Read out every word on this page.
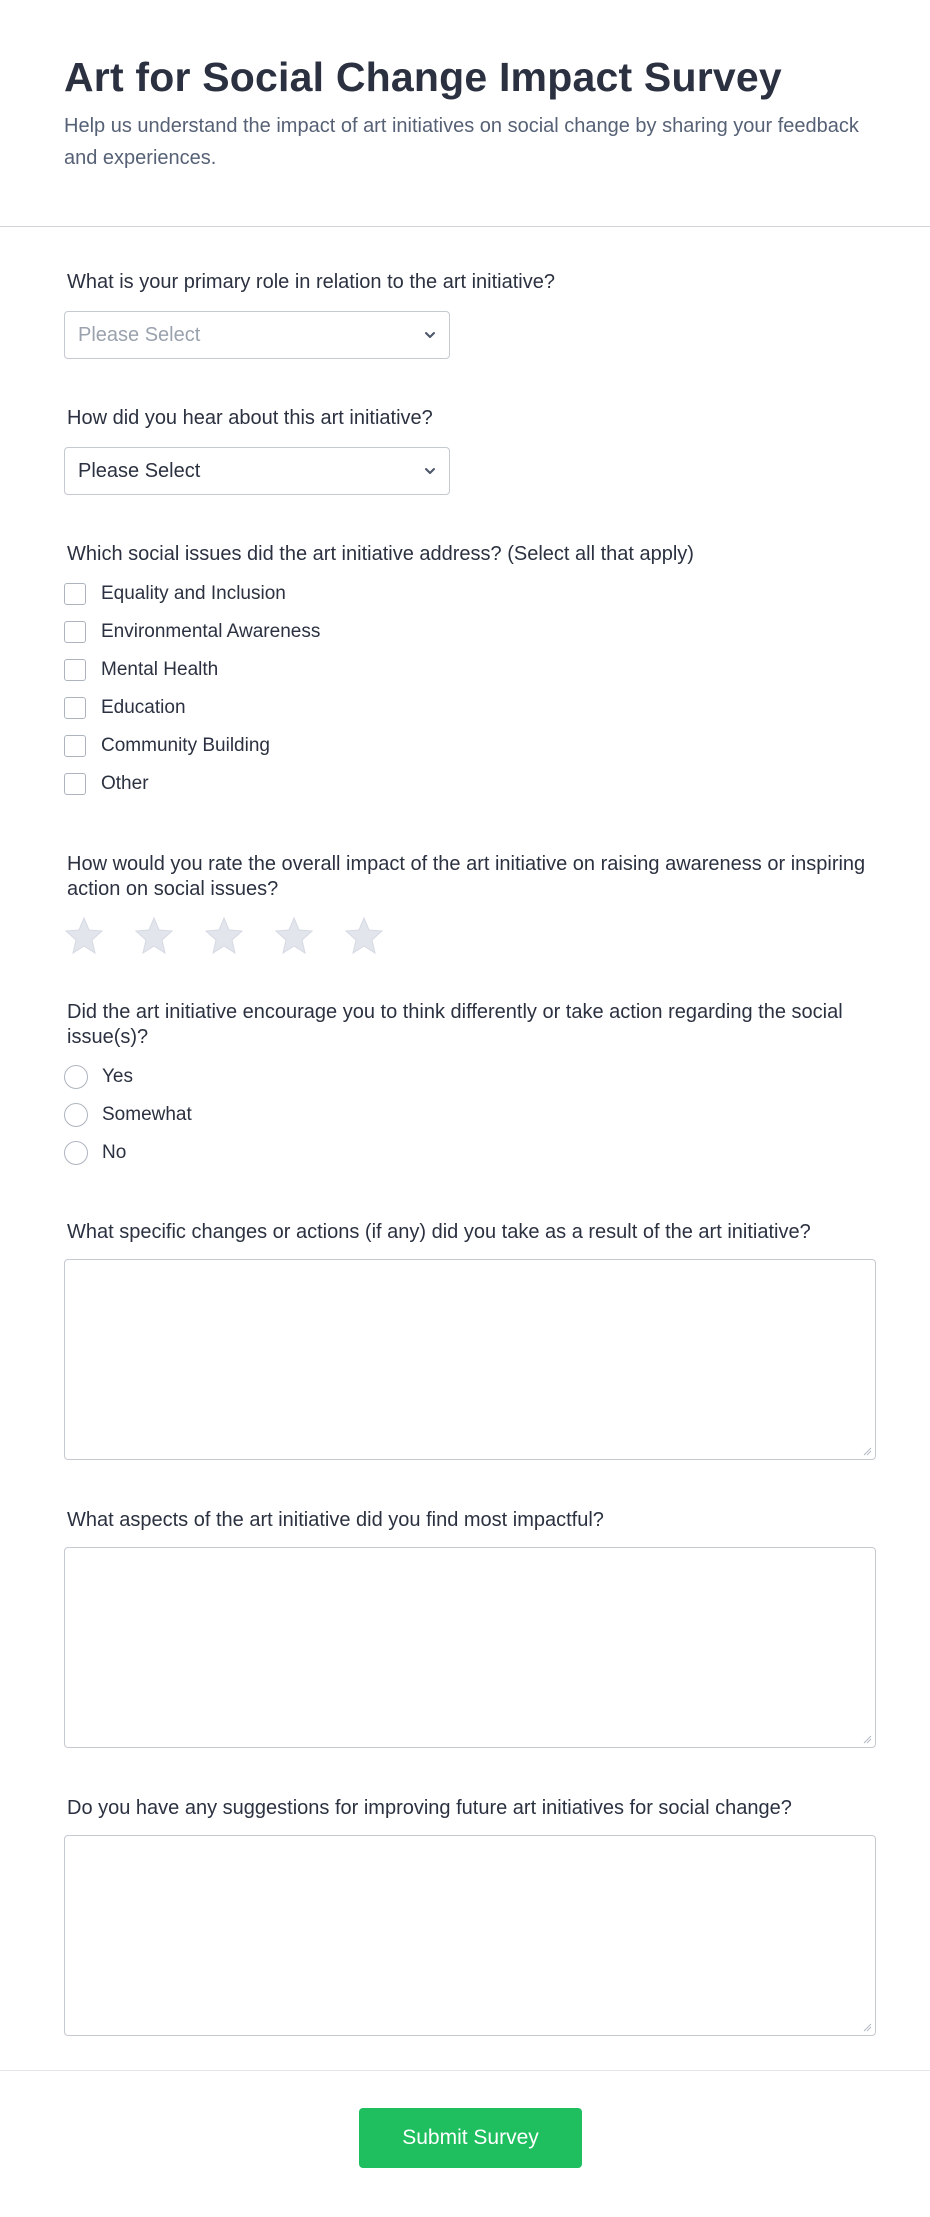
Art for Social Change Impact Survey

Help us understand the impact of art initiatives on social change by sharing your feedback and experiences.

What is your primary role in relation to the art initiative?
Please Select
How did you hear about this art initiative?
Please Select
Which social issues did the art initiative address? (Select all that apply)
Equality and Inclusion
Environmental Awareness
Mental Health
Education
Community Building
Other
How would you rate the overall impact of the art initiative on raising awareness or inspiring action on social issues?
Did the art initiative encourage you to think differently or take action regarding the social issue(s)?
Yes
Somewhat
No
What specific changes or actions (if any) did you take as a result of the art initiative?
What aspects of the art initiative did you find most impactful?
Do you have any suggestions for improving future art initiatives for social change?
Submit Survey
